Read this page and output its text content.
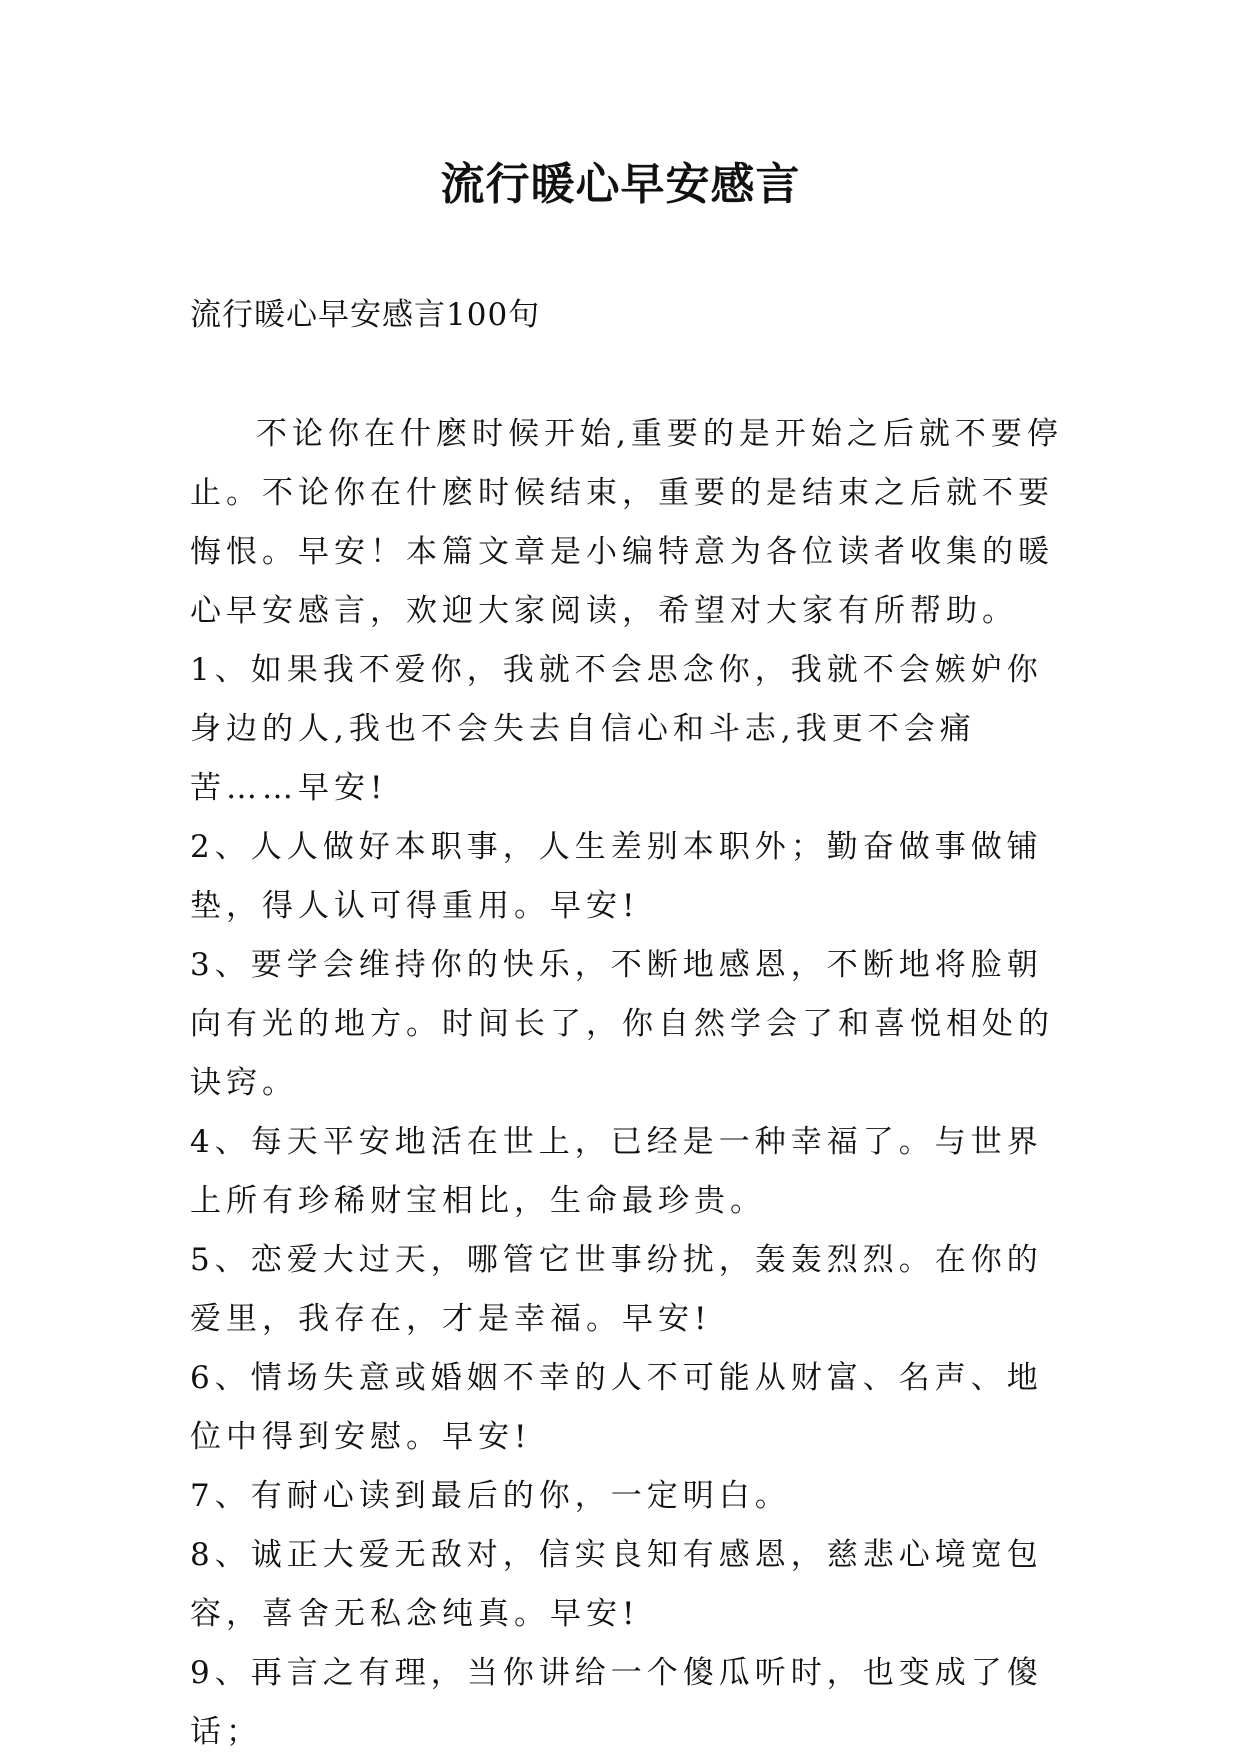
流行暖心早安感言

流行暖心早安感言100句

不论你在什麽时候开始,重要的是开始之后就不要停止。不论你在什麽时候结束，重要的是结束之后就不要悔恨。早安！本篇文章是小编特意为各位读者收集的暖心早安感言，欢迎大家阅读，希望对大家有所帮助。

1、如果我不爱你，我就不会思念你，我就不会嫉妒你身边的人,我也不会失去自信心和斗志,我更不会痛苦……早安!

2、人人做好本职事，人生差别本职外；勤奋做事做铺垫，得人认可得重用。早安!

3、要学会维持你的快乐，不断地感恩，不断地将脸朝向有光的地方。时间长了，你自然学会了和喜悦相处的诀窍。

4、每天平安地活在世上，已经是一种幸福了。与世界上所有珍稀财宝相比，生命最珍贵。

5、恋爱大过天，哪管它世事纷扰，轰轰烈烈。在你的爱里，我存在，才是幸福。早安!

6、情场失意或婚姻不幸的人不可能从财富、名声、地位中得到安慰。早安!

7、有耐心读到最后的你，一定明白。

8、诚正大爱无敌对，信实良知有感恩，慈悲心境宽包容，喜舍无私念纯真。早安!

9、再言之有理，当你讲给一个傻瓜听时，也变成了傻话；
